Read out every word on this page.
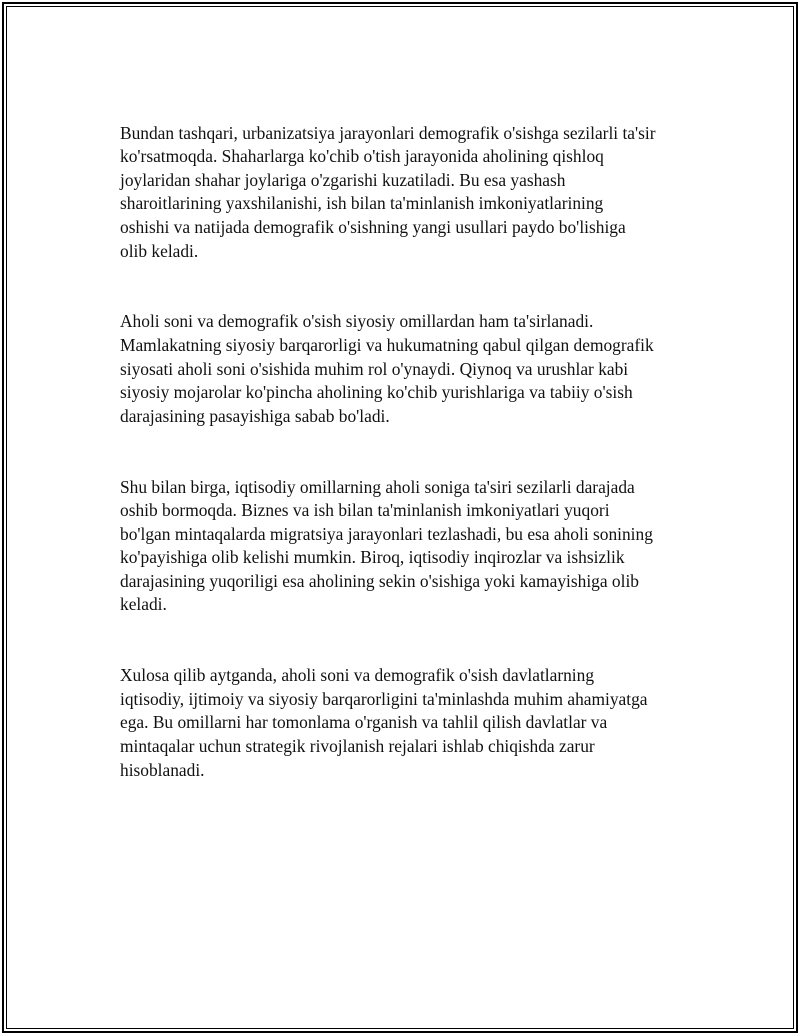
Bundan tashqari, urbanizatsiya jarayonlari demografik o'sishga sezilarli ta'sir
ko'rsatmoqda. Shaharlarga ko'chib o'tish jarayonida aholining qishloq
joylaridan shahar joylariga o'zgarishi kuzatiladi. Bu esa yashash
sharoitlarining yaxshilanishi, ish bilan ta'minlanish imkoniyatlarining
oshishi va natijada demografik o'sishning yangi usullari paydo bo'lishiga
olib keladi.

Aholi soni va demografik o'sish siyosiy omillardan ham ta'sirlanadi.
Mamlakatning siyosiy barqarorligi va hukumatning qabul qilgan demografik
siyosati aholi soni o'sishida muhim rol o'ynaydi. Qiynoq va urushlar kabi
siyosiy mojarolar ko'pincha aholining ko'chib yurishlariga va tabiiy o'sish
darajasining pasayishiga sabab bo'ladi.

Shu bilan birga, iqtisodiy omillarning aholi soniga ta'siri sezilarli darajada
oshib bormoqda. Biznes va ish bilan ta'minlanish imkoniyatlari yuqori
bo'lgan mintaqalarda migratsiya jarayonlari tezlashadi, bu esa aholi sonining
ko'payishiga olib kelishi mumkin. Biroq, iqtisodiy inqirozlar va ishsizlik
darajasining yuqoriligi esa aholining sekin o'sishiga yoki kamayishiga olib
keladi.

Xulosa qilib aytganda, aholi soni va demografik o'sish davlatlarning
iqtisodiy, ijtimoiy va siyosiy barqarorligini ta'minlashda muhim ahamiyatga
ega. Bu omillarni har tomonlama o'rganish va tahlil qilish davlatlar va
mintaqalar uchun strategik rivojlanish rejalari ishlab chiqishda zarur
hisoblanadi.
